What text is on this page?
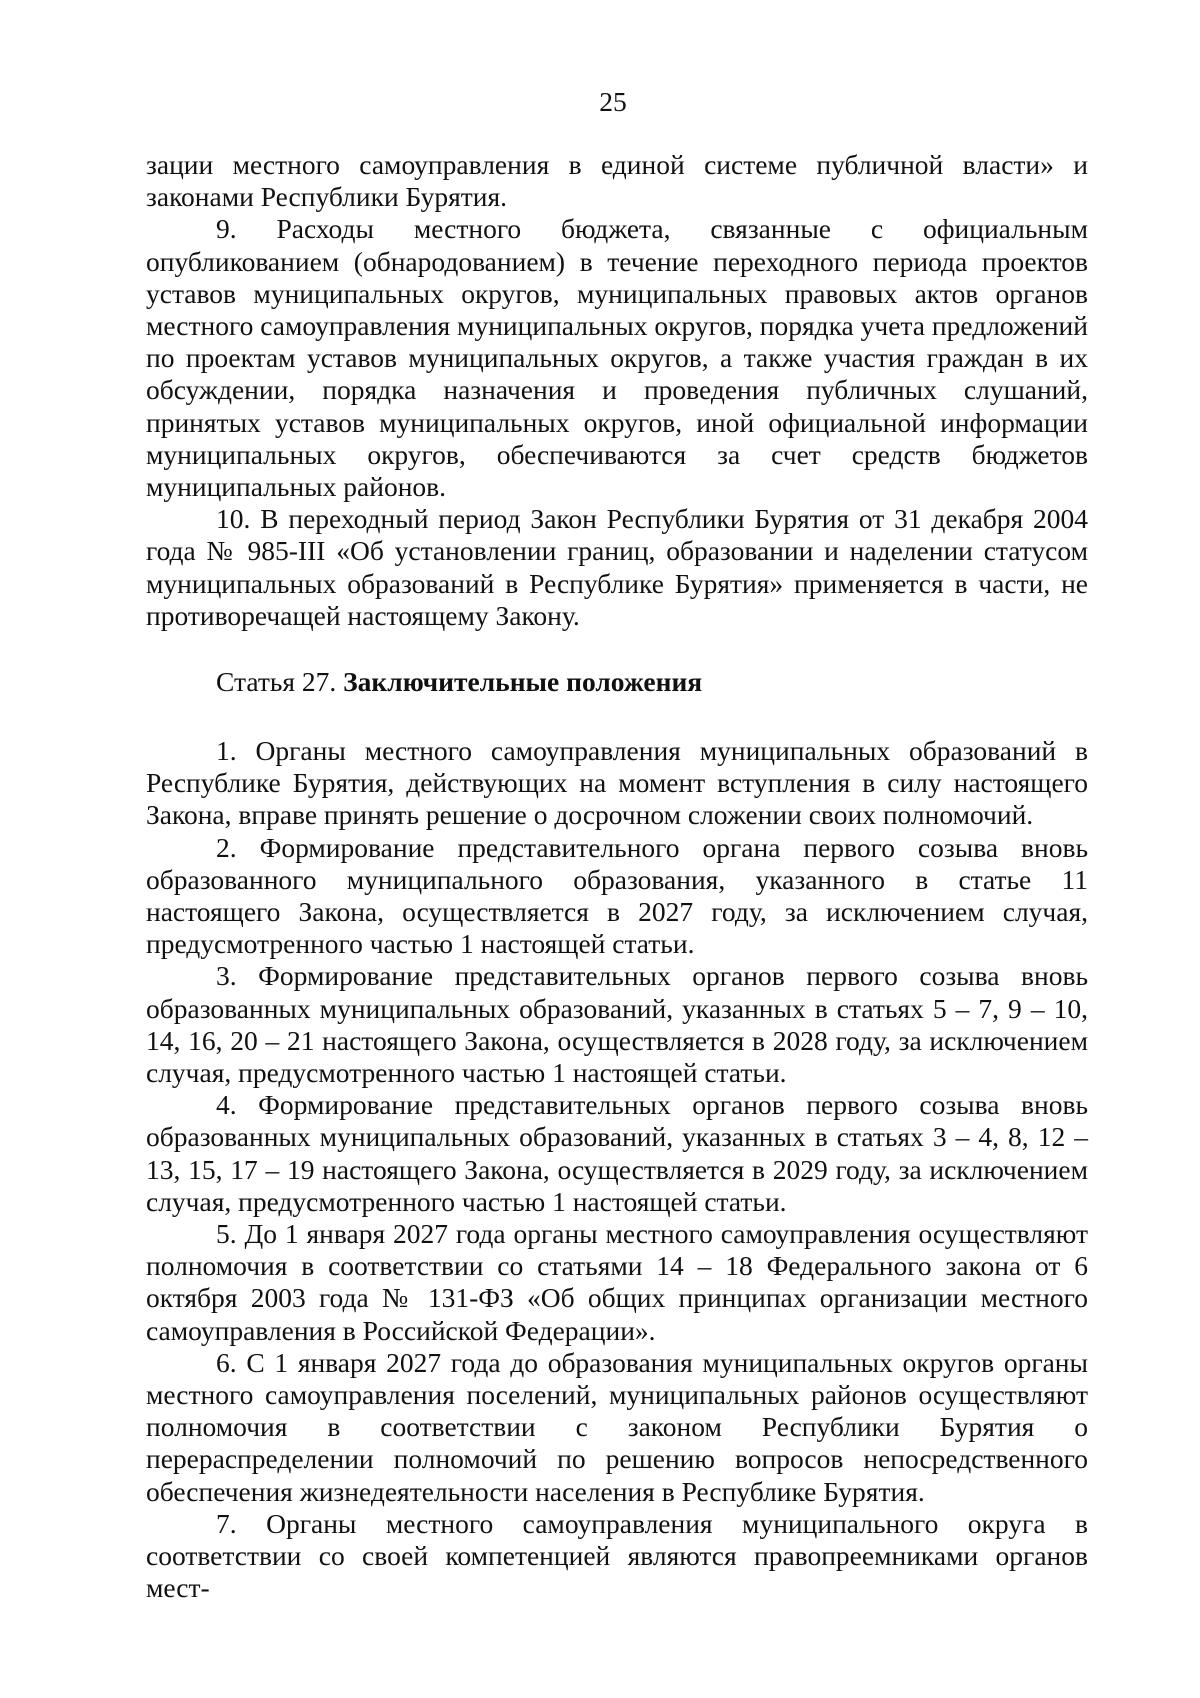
25

зации местного самоуправления в единой системе публичной власти» и законами Республики Бурятия.

9. Расходы местного бюджета, связанные с официальным опубликованием (обнародованием) в течение переходного периода проектов уставов муниципальных округов, муниципальных правовых актов органов местного самоуправления муниципальных округов, порядка учета предложений по проектам уставов муниципальных округов, а также участия граждан в их обсуждении, порядка назначения и проведения публичных слушаний, принятых уставов муниципальных округов, иной официальной информации муниципальных округов, обеспечиваются за счет средств бюджетов муниципальных районов.

10. В переходный период Закон Республики Бурятия от 31 декабря 2004 года № 985-III «Об установлении границ, образовании и наделении статусом муниципальных образований в Республике Бурятия» применяется в части, не противоречащей настоящему Закону.

Статья 27. Заключительные положения

1. Органы местного самоуправления муниципальных образований в Республике Бурятия, действующих на момент вступления в силу настоящего Закона, вправе принять решение о досрочном сложении своих полномочий.

2. Формирование представительного органа первого созыва вновь образованного муниципального образования, указанного в статье 11 настоящего Закона, осуществляется в 2027 году, за исключением случая, предусмотренного частью 1 настоящей статьи.

3. Формирование представительных органов первого созыва вновь образованных муниципальных образований, указанных в статьях 5 – 7, 9 – 10, 14, 16, 20 – 21 настоящего Закона, осуществляется в 2028 году, за исключением случая, предусмотренного частью 1 настоящей статьи.

4. Формирование представительных органов первого созыва вновь образованных муниципальных образований, указанных в статьях 3 – 4, 8, 12 – 13, 15, 17 – 19 настоящего Закона, осуществляется в 2029 году, за исключением случая, предусмотренного частью 1 настоящей статьи.

5. До 1 января 2027 года органы местного самоуправления осуществляют полномочия в соответствии со статьями 14 – 18 Федерального закона от 6 октября 2003 года № 131-ФЗ «Об общих принципах организации местного самоуправления в Российской Федерации».

6. С 1 января 2027 года до образования муниципальных округов органы местного самоуправления поселений, муниципальных районов осуществляют полномочия в соответствии с законом Республики Бурятия о перераспределении полномочий по решению вопросов непосредственного обеспечения жизнедеятельности населения в Республике Бурятия.

7. Органы местного самоуправления муниципального округа в соответствии со своей компетенцией являются правопреемниками органов мест-
